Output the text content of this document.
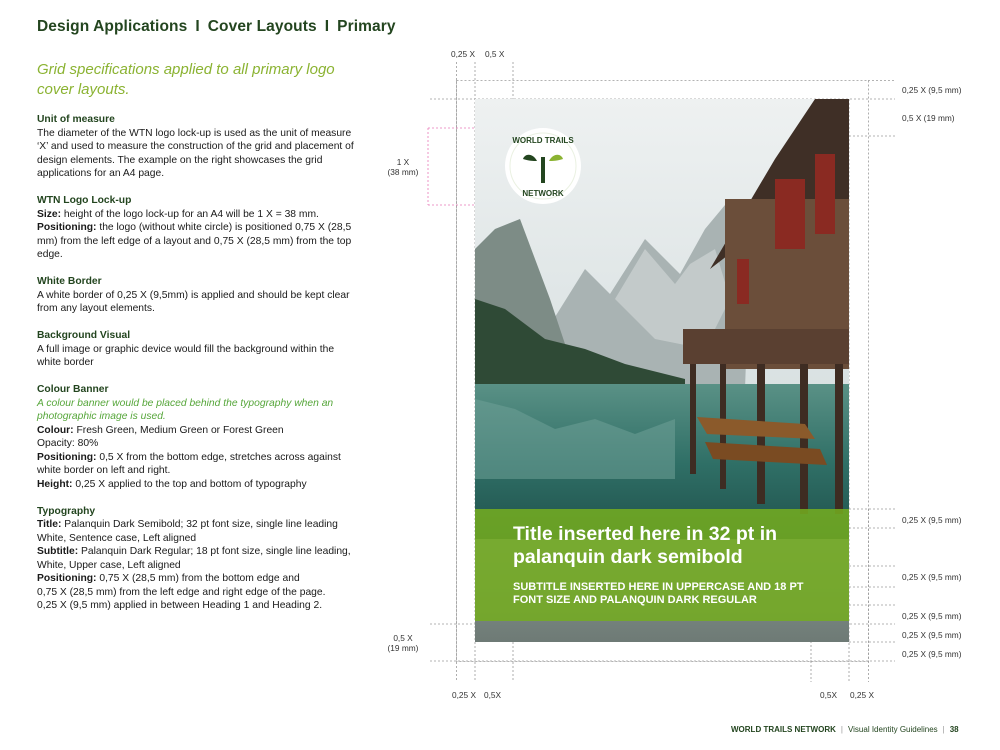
Design Applications I Cover Layouts I Primary
Grid specifications applied to all primary logo cover layouts.
Unit of measure
The diameter of the WTN logo lock-up is used as the unit of measure ‘X’ and used to measure the construction of the grid and placement of design elements. The example on the right showcases the grid applications for an A4 page.
WTN Logo Lock-up
Size: height of the logo lock-up for an A4 will be 1 X = 38 mm.
Positioning: the logo (without white circle) is positioned 0,75 X (28,5 mm) from the left edge of a layout and 0,75 X (28,5 mm) from the top edge.
White Border
A white border of 0,25 X (9,5mm) is applied and should be kept clear from any layout elements.
Background Visual
A full image or graphic device would fill the background within the white border
Colour Banner
A colour banner would be placed behind the typography when an photographic image is used.
Colour: Fresh Green, Medium Green or Forest Green
Opacity: 80%
Positioning: 0,5 X from the bottom edge, stretches across against white border on left and right.
Height: 0,25 X applied to the top and bottom of typography
Typography
Title: Palanquin Dark Semibold; 32 pt font size, single line leading White, Sentence case, Left aligned
Subtitle: Palanquin Dark Regular; 18 pt font size, single line leading, White, Upper case, Left aligned
Positioning: 0,75 X (28,5 mm) from the bottom edge and
0,75 X (28,5 mm) from the left edge and right edge of the page.
0,25 X (9,5 mm) applied in between Heading 1 and Heading 2.
0,25 X 0,5 X
0,25 X 0,5X	0,5X 0,25 X
1 X
(38 mm)
0,5 X
(19 mm)
0,25 X (9,5 mm)
0,5 X (19 mm)
0,25 X (9,5 mm)
0,25 X (9,5 mm)
0,25 X (9,5 mm)
0,25 X (9,5 mm)
0,25 X (9,5 mm)
WORLD TRAILS
NETWORK
Title inserted here in 32 pt in palanquin dark semibold
SUBTITLE INSERTED HERE IN UPPERCASE AND 18 PT FONT SIZE AND PALANQUIN DARK REGULAR
WORLD TRAILS NETWORK | Visual Identity Guidelines | 38
